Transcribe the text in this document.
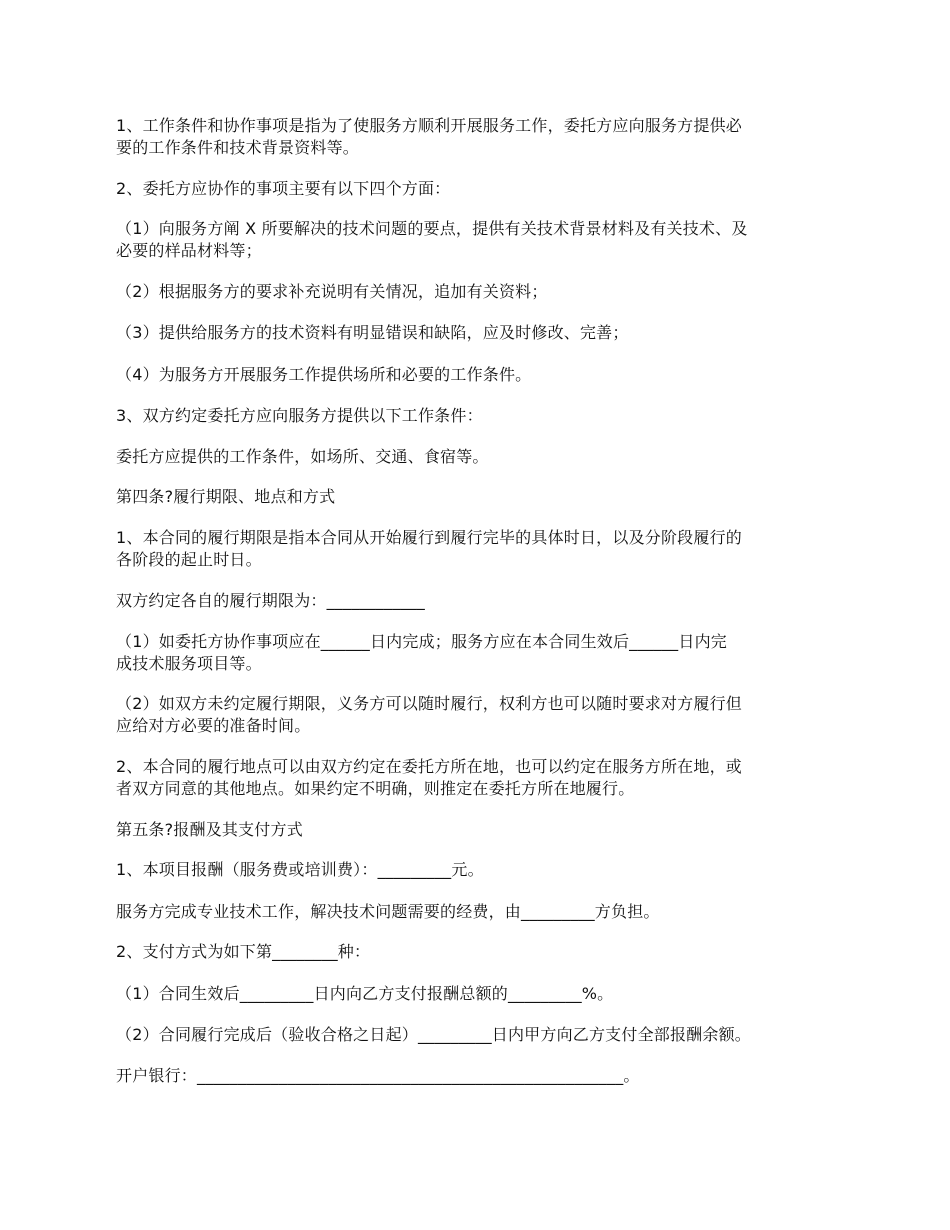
1、工作条件和协作事项是指为了使服务方顺利开展服务工作，委托方应向服务方提供必
要的工作条件和技术背景资料等。
2、委托方应协作的事项主要有以下四个方面：
（1）向服务方阐 X 所要解决的技术问题的要点，提供有关技术背景材料及有关技术、及
必要的样品材料等；
（2）根据服务方的要求补充说明有关情况，追加有关资料；
（3）提供给服务方的技术资料有明显错误和缺陷，应及时修改、完善；
（4）为服务方开展服务工作提供场所和必要的工作条件。
3、双方约定委托方应向服务方提供以下工作条件：
委托方应提供的工作条件，如场所、交通、食宿等。
第四条?履行期限、地点和方式
1、本合同的履行期限是指本合同从开始履行到履行完毕的具体时日，以及分阶段履行的
各阶段的起止时日。
双方约定各自的履行期限为：____________
（1）如委托方协作事项应在______日内完成；服务方应在本合同生效后______日内完
成技术服务项目等。
（2）如双方未约定履行期限，义务方可以随时履行，权利方也可以随时要求对方履行但
应给对方必要的准备时间。
2、本合同的履行地点可以由双方约定在委托方所在地，也可以约定在服务方所在地，或
者双方同意的其他地点。如果约定不明确，则推定在委托方所在地履行。
第五条?报酬及其支付方式
1、本项目报酬（服务费或培训费）：_________元。
服务方完成专业技术工作，解决技术问题需要的经费，由_________方负担。
2、支付方式为如下第________种：
（1）合同生效后_________日内向乙方支付报酬总额的_________%。
（2）合同履行完成后（验收合格之日起）_________日内甲方向乙方支付全部报酬余额。
开户银行：____________________________________________________。
